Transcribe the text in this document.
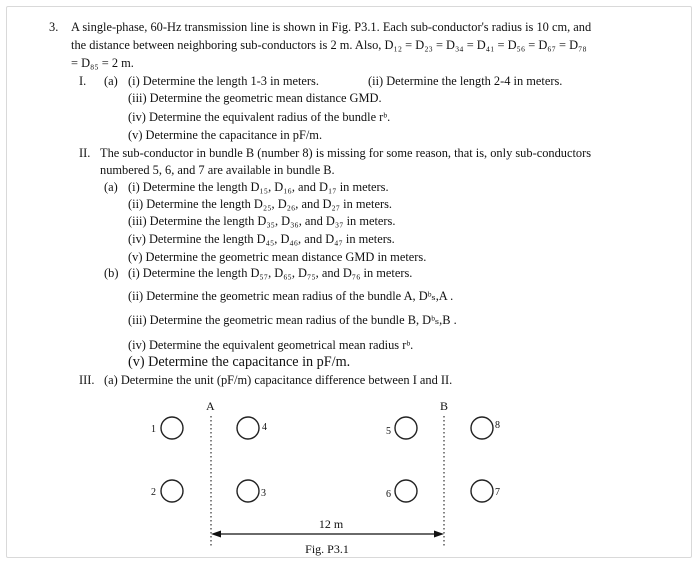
3. A single-phase, 60-Hz transmission line is shown in Fig. P3.1. Each sub-conductor's radius is 10 cm, and
the distance between neighboring sub-conductors is 2 m. Also, D₁₂ = D₂₃ = D₃₄ = D₄₁ = D₅₆ = D₆₇ = D₇₈
= D₈₅ = 2 m.
I. (a) (i) Determine the length 1-3 in meters.	(ii) Determine the length 2-4 in meters.
(iii) Determine the geometric mean distance GMD.
(iv) Determine the equivalent radius of the bundle rᵇ.
(v) Determine the capacitance in pF/m.
II. The sub-conductor in bundle B (number 8) is missing for some reason, that is, only sub-conductors
numbered 5, 6, and 7 are available in bundle B.
(a) (i) Determine the length D₁₅, D₁₆, and D₁₇ in meters.
(ii) Determine the length D₂₅, D₂₆, and D₂₇ in meters.
(iii) Determine the length D₃₅, D₃₆, and D₃₇ in meters.
(iv) Determine the length D₄₅, D₄₆, and D₄₇ in meters.
(v) Determine the geometric mean distance GMD in meters.
(b) (i) Determine the length D₅₇, D₆₅, D₇₅, and D₇₆ in meters.
(ii) Determine the geometric mean radius of the bundle A, Dᵇₛ,A .
(iii) Determine the geometric mean radius of the bundle B, Dᵇₛ,B .
(iv) Determine the equivalent geometrical mean radius rᵇ.
(v) Determine the capacitance in pF/m.
III. (a) Determine the unit (pF/m) capacitance difference between I and II.
A	B
1
2	3
4	5
6	7
8
12 m
Fig. P3.1
